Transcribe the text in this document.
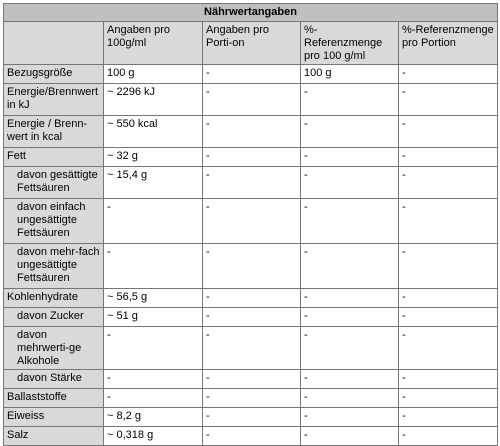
Nährwertangaben				
	Angaben pro 100g/ml	Angaben pro Porti-on	%-Referenzmenge pro 100 g/ml	%-Referenzmenge pro Portion
Bezugsgröße	100 g	-	100 g	-
Energie/Brennwert in kJ	~ 2296 kJ	-	-	-
Energie / Brenn-wert in kcal	~ 550 kcal	-	-	-
Fett	~ 32 g	-	-	-
davon gesättigte Fettsäuren	~ 15,4 g	-	-	-
davon einfach ungesättigte Fettsäuren	-	-	-	-
davon mehr-fach ungesättigte Fettsäuren	-	-	-	-
Kohlenhydrate	~ 56,5 g	-	-	-
davon Zucker	~ 51 g	-	-	-
davon mehrwerti-ge Alkohole	-	-	-	-
davon Stärke	-	-	-	-
Ballaststoffe	-	-	-	-
Eiweiss	~ 8,2 g	-	-	-
Salz	~ 0,318 g	-	-	-
